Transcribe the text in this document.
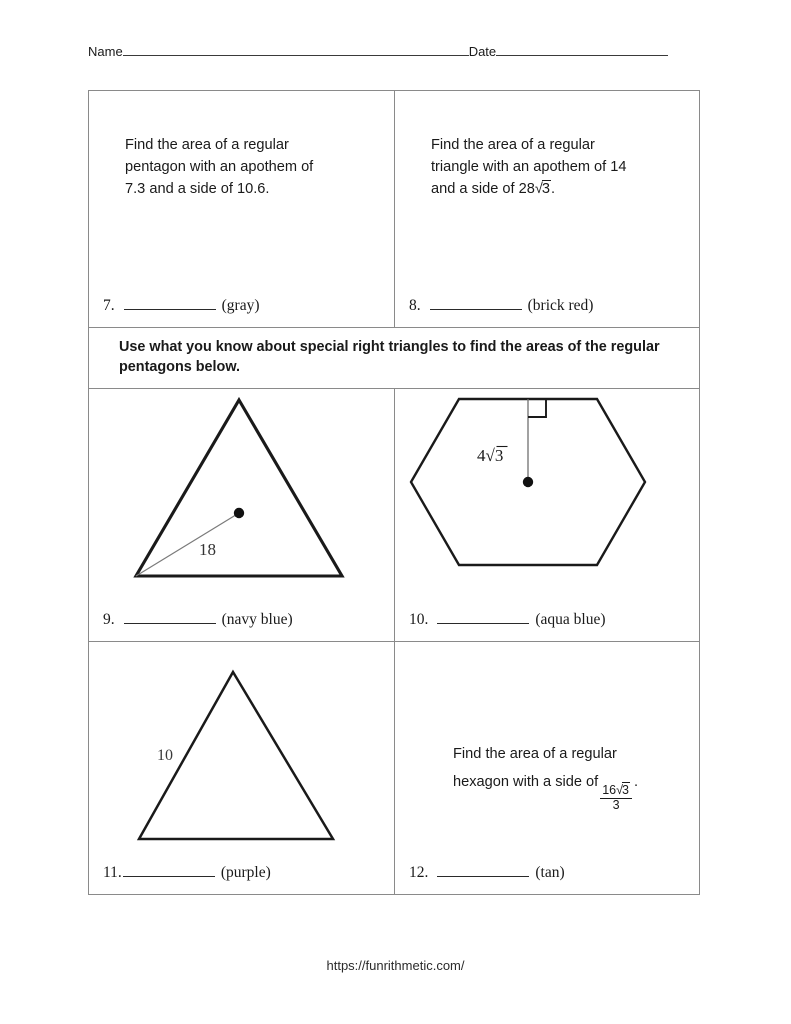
Name	Date
Find the area of a regular
pentagon with an apothem of
7.3 and a side of 10.6.
7.	(gray)
Find the area of a regular
triangle with an apothem of 14
and a side of 28√3.
8.	(brick red)
Use what you know about special right triangles to find the areas of the regular pentagons below.
18
9.	(navy blue)
4√3
10.	(aqua blue)
10
11.	(purple)
Find the area of a regular
hexagon with a side of
$\frac{16√3}{3}$
.
12.	(tan)
https://funrithmetic.com/
